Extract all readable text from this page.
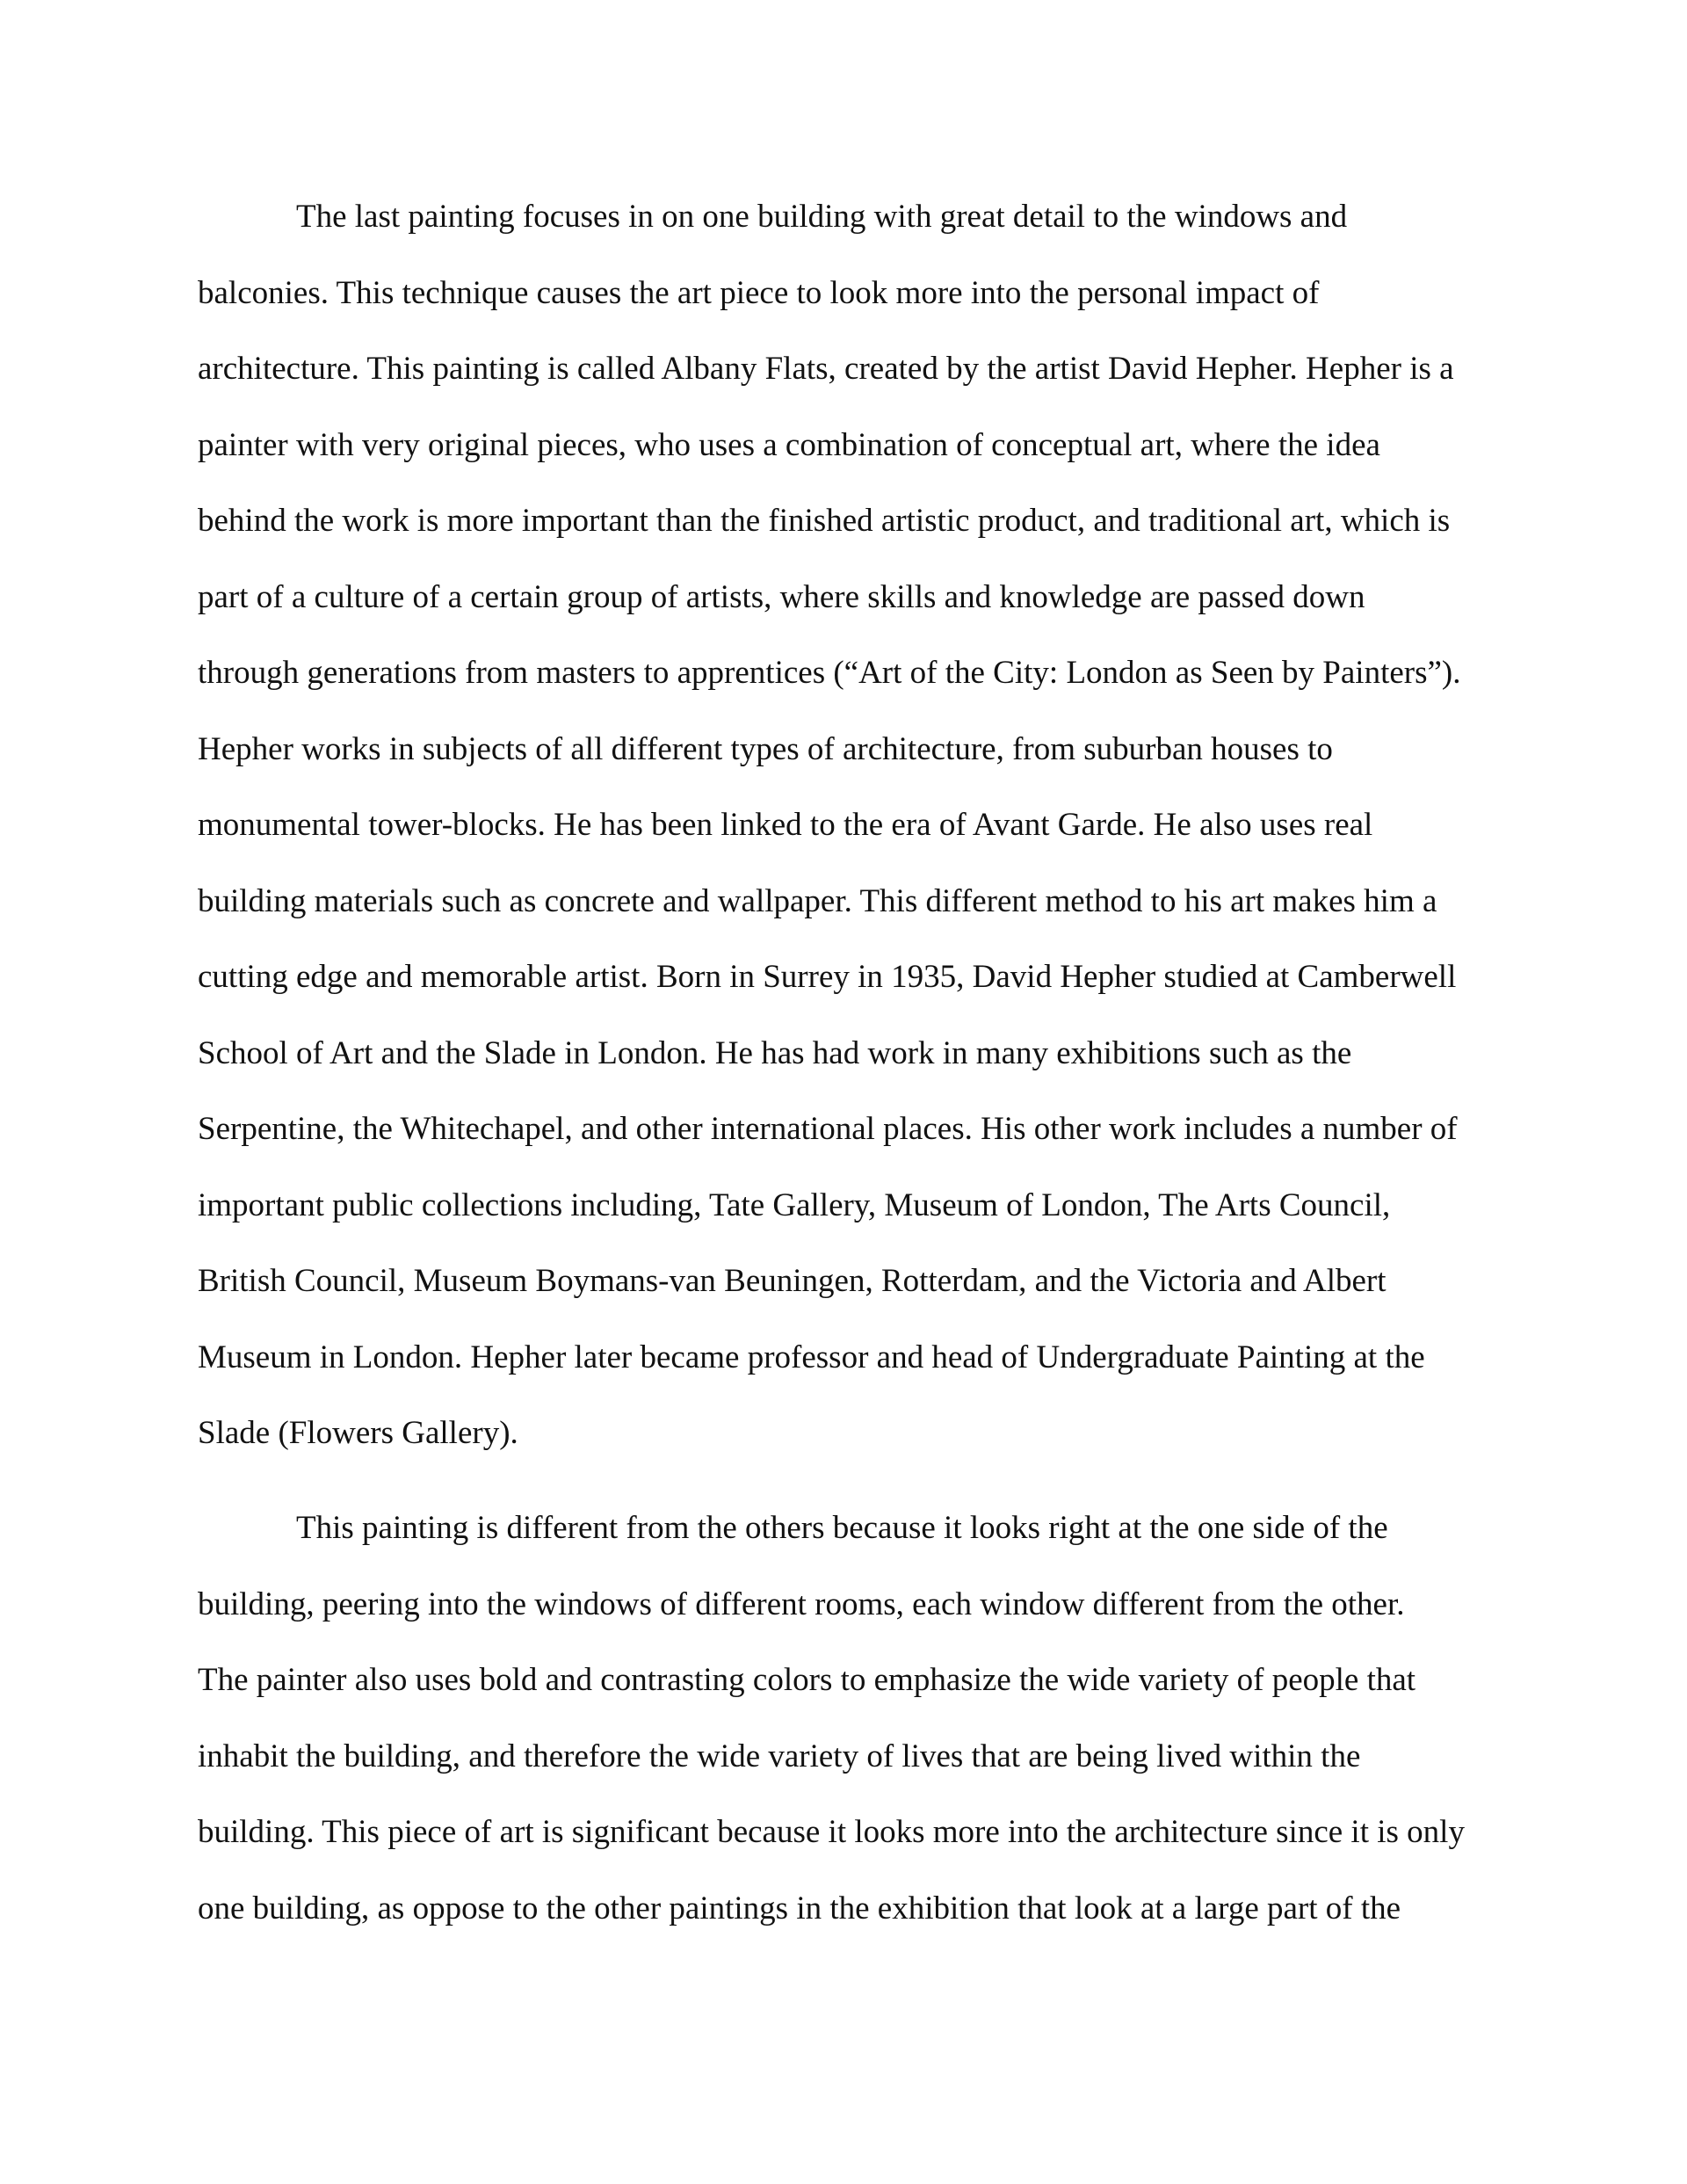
The last painting focuses in on one building with great detail to the windows and
balconies. This technique causes the art piece to look more into the personal impact of
architecture. This painting is called Albany Flats, created by the artist David Hepher. Hepher is a
painter with very original pieces, who uses a combination of conceptual art, where the idea
behind the work is more important than the finished artistic product, and traditional art, which is
part of a culture of a certain group of artists, where skills and knowledge are passed down
through generations from masters to apprentices (“Art of the City: London as Seen by Painters”).
Hepher works in subjects of all different types of architecture, from suburban houses to
monumental tower-blocks. He has been linked to the era of Avant Garde. He also uses real
building materials such as concrete and wallpaper. This different method to his art makes him a
cutting edge and memorable artist. Born in Surrey in 1935, David Hepher studied at Camberwell
School of Art and the Slade in London. He has had work in many exhibitions such as the
Serpentine, the Whitechapel, and other international places. His other work includes a number of
important public collections including, Tate Gallery, Museum of London, The Arts Council,
British Council, Museum Boymans-van Beuningen, Rotterdam, and the Victoria and Albert
Museum in London. Hepher later became professor and head of Undergraduate Painting at the
Slade (Flowers Gallery).
This painting is different from the others because it looks right at the one side of the
building, peering into the windows of different rooms, each window different from the other.
The painter also uses bold and contrasting colors to emphasize the wide variety of people that
inhabit the building, and therefore the wide variety of lives that are being lived within the
building. This piece of art is significant because it looks more into the architecture since it is only
one building, as oppose to the other paintings in the exhibition that look at a large part of the
